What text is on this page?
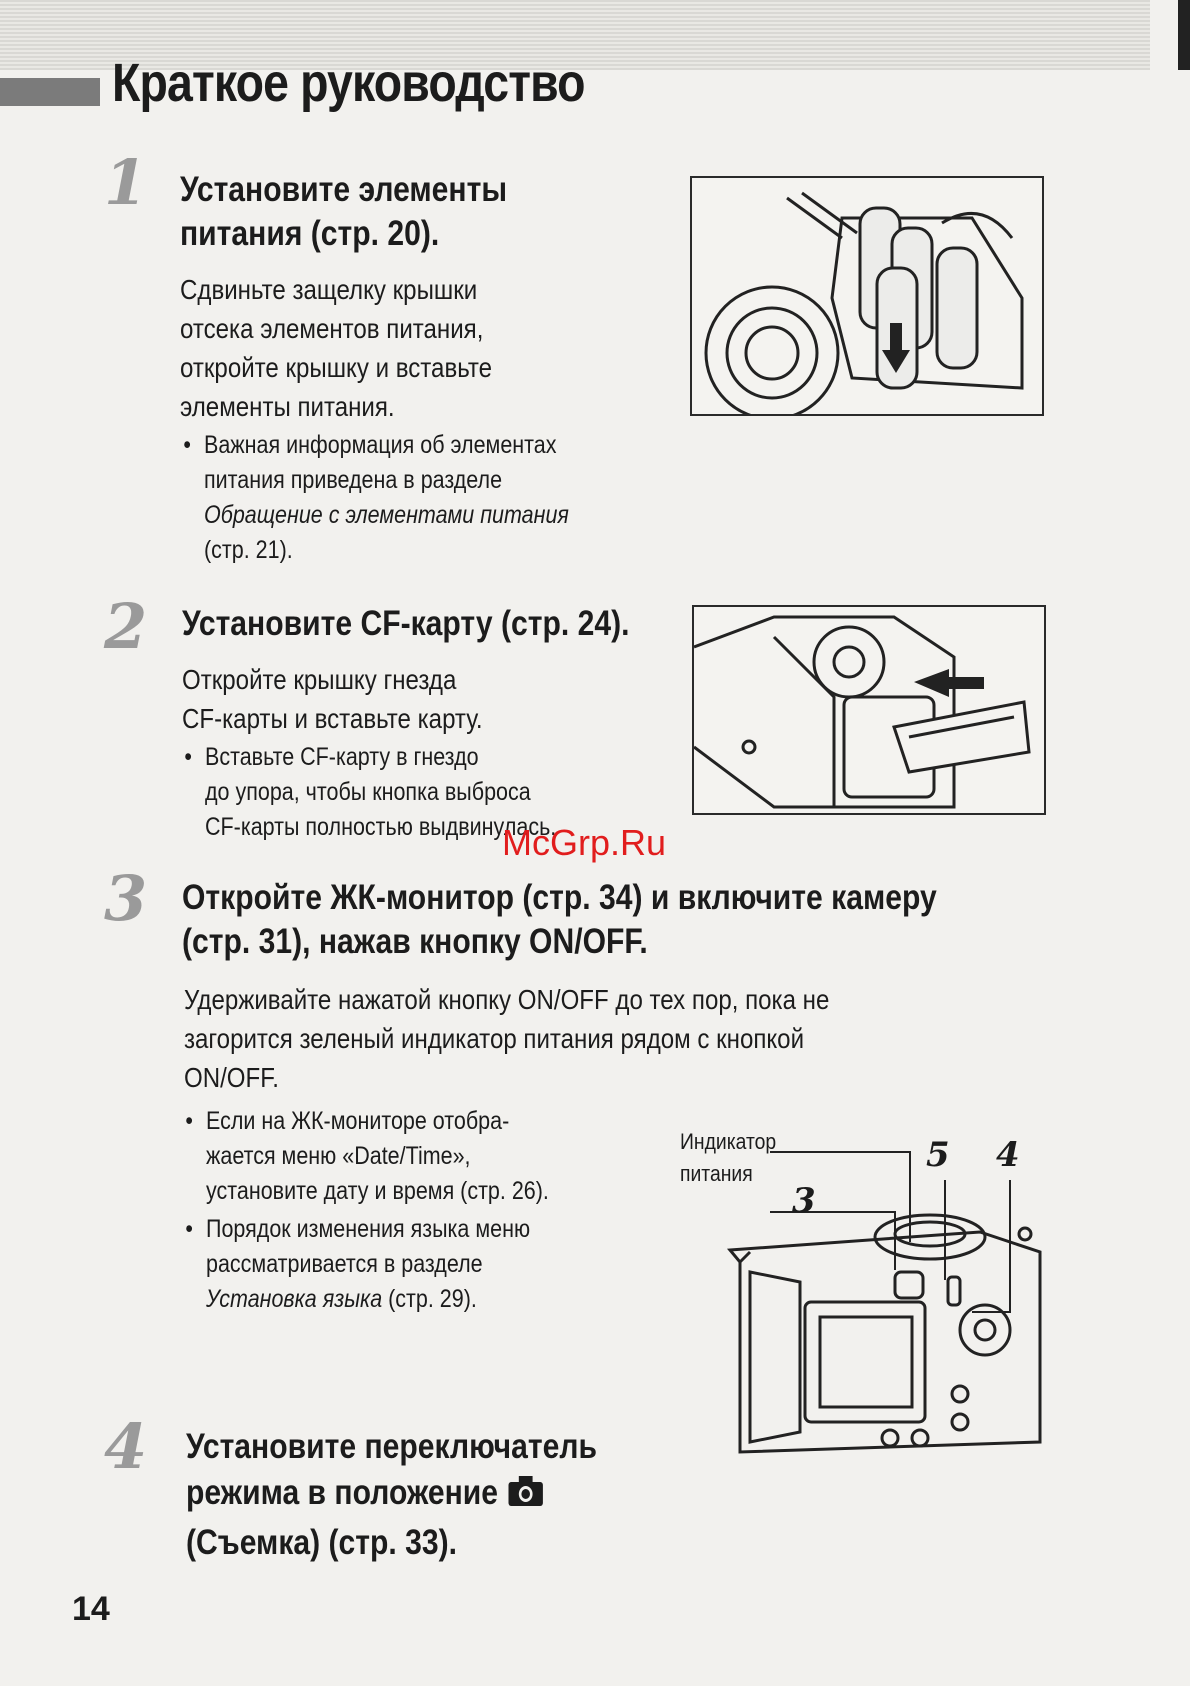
Краткое руководство
1 Установите элементы
питания (стр. 20).

Сдвиньте защелку крышки
отсека элементов питания,
откройте крышку и вставьте
элементы питания.

• Важная информация об элементах
питания приведена в разделе
Обращение с элементами питания
(стр. 21).

2 Установите CF-карту (стр. 24).

Откройте крышку гнезда
CF-карты и вставьте карту.

• Вставьте CF-карту в гнездо
до упора, чтобы кнопка выброса
CF-карты полностью выдвинулась.

3 Откройте ЖК-монитор (стр. 34) и включите камеру
(стр. 31), нажав кнопку ON/OFF.

Удерживайте нажатой кнопку ON/OFF до тех пор, пока не
загорится зеленый индикатор питания рядом с кнопкой
ON/OFF.

• Если на ЖК-мониторе отобра-
жается меню «Date/Time»,
установите дату и время (стр. 26).

• Порядок изменения языка меню
рассматривается в разделе
Установка языка (стр. 29).

Индикатор
питания
3
5 4
4	Установите переключатель
режима в положение
(Съемка) (стр. 33).
McGrp.Ru
14
